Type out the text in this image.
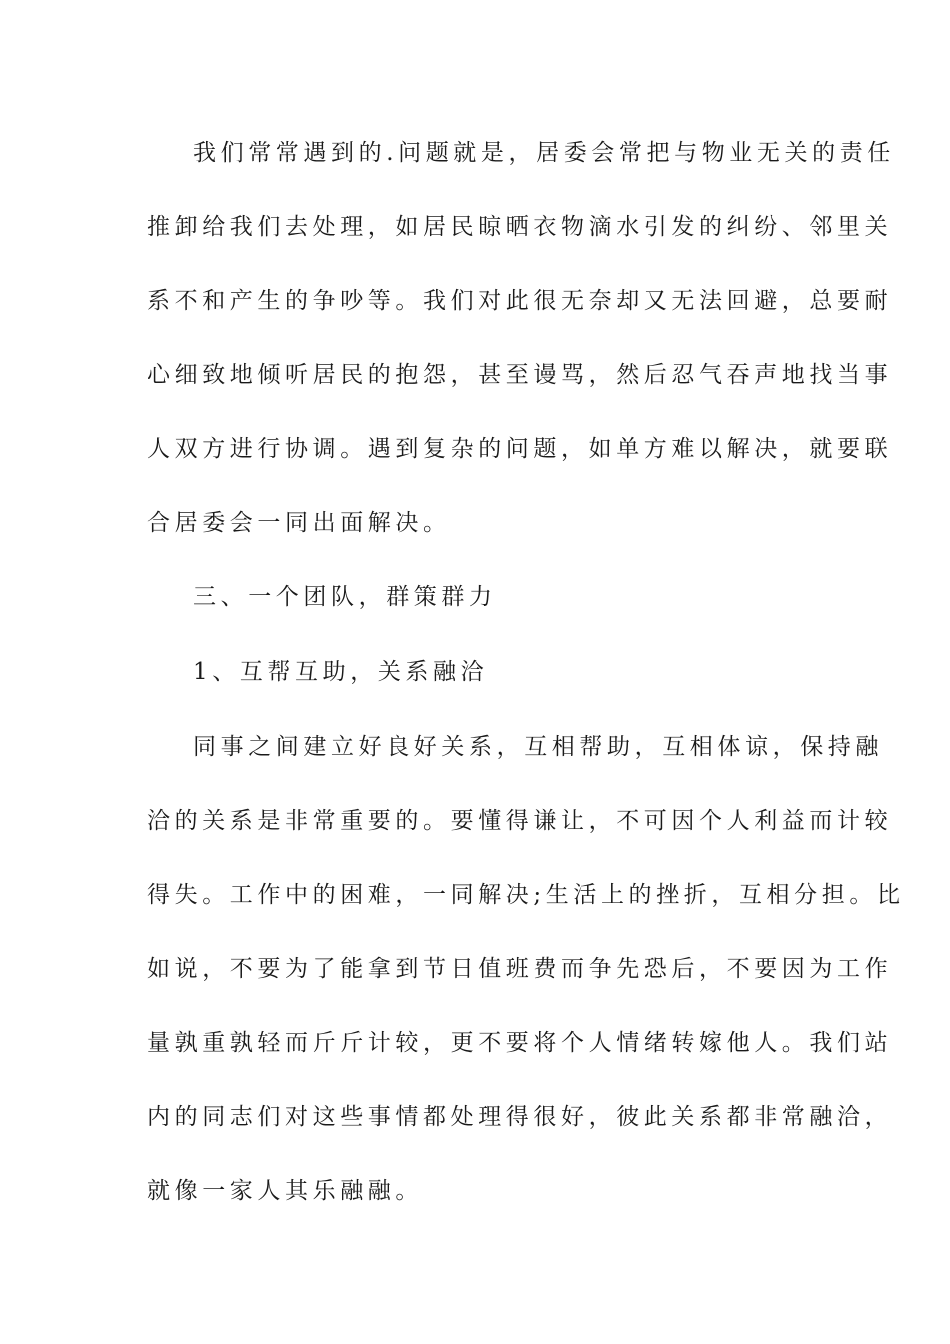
我们常常遇到的.问题就是，居委会常把与物业无关的责任
推卸给我们去处理，如居民晾晒衣物滴水引发的纠纷、邻里关
系不和产生的争吵等。我们对此很无奈却又无法回避，总要耐
心细致地倾听居民的抱怨，甚至谩骂，然后忍气吞声地找当事
人双方进行协调。遇到复杂的问题，如单方难以解决，就要联
合居委会一同出面解决。
三、一个团队，群策群力
1、互帮互助，关系融洽
同事之间建立好良好关系，互相帮助，互相体谅，保持融
洽的关系是非常重要的。要懂得谦让，不可因个人利益而计较
得失。工作中的困难，一同解决;生活上的挫折，互相分担。比
如说，不要为了能拿到节日值班费而争先恐后，不要因为工作
量孰重孰轻而斤斤计较，更不要将个人情绪转嫁他人。我们站
内的同志们对这些事情都处理得很好，彼此关系都非常融洽，
就像一家人其乐融融。
